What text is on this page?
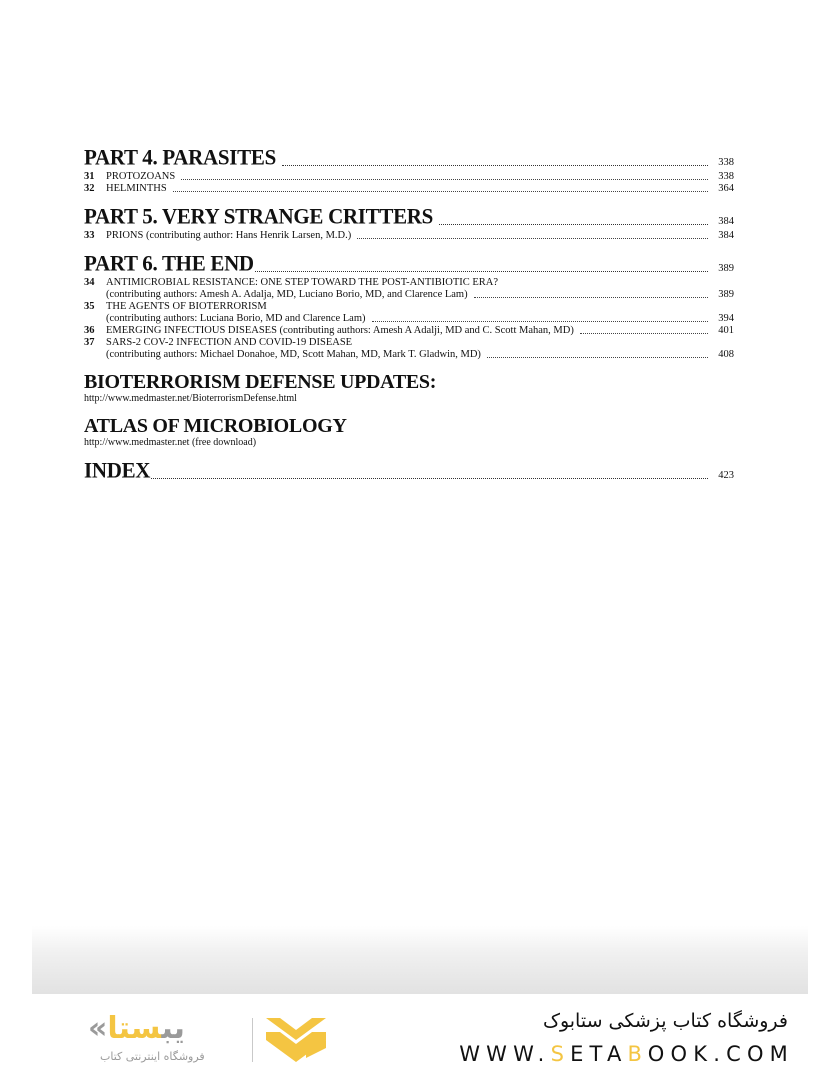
PART 4. PARASITES	338
31	PROTOZOANS	338
32	HELMINTHS	364
PART 5. VERY STRANGE CRITTERS	384
33	PRIONS (contributing author: Hans Henrik Larsen, M.D.)	384
PART 6. THE END	389
34	ANTIMICROBIAL RESISTANCE: ONE STEP TOWARD THE POST-ANTIBIOTIC ERA?
(contributing authors: Amesh A. Adalja, MD, Luciano Borio, MD, and Clarence Lam)	389
35	THE AGENTS OF BIOTERRORISM
(contributing authors: Luciana Borio, MD and Clarence Lam)	394
36	EMERGING INFECTIOUS DISEASES (contributing authors: Amesh A Adalji, MD and C. Scott Mahan, MD)	401
37	SARS-2 COV-2 INFECTION AND COVID-19 DISEASE
(contributing authors: Michael Donahoe, MD, Scott Mahan, MD, Mark T. Gladwin, MD)	408
BIOTERRORISM DEFENSE UPDATES:
http://www.medmaster.net/BioterrorismDefense.html
ATLAS OF MICROBIOLOGY
http://www.medmaster.net (free download)
INDEX	423
«یبستا
فروشگاه اینترنتی کتاب
فروشگاه کتاب پزشکی ستابوک
WWW.SETABOOK.COM
